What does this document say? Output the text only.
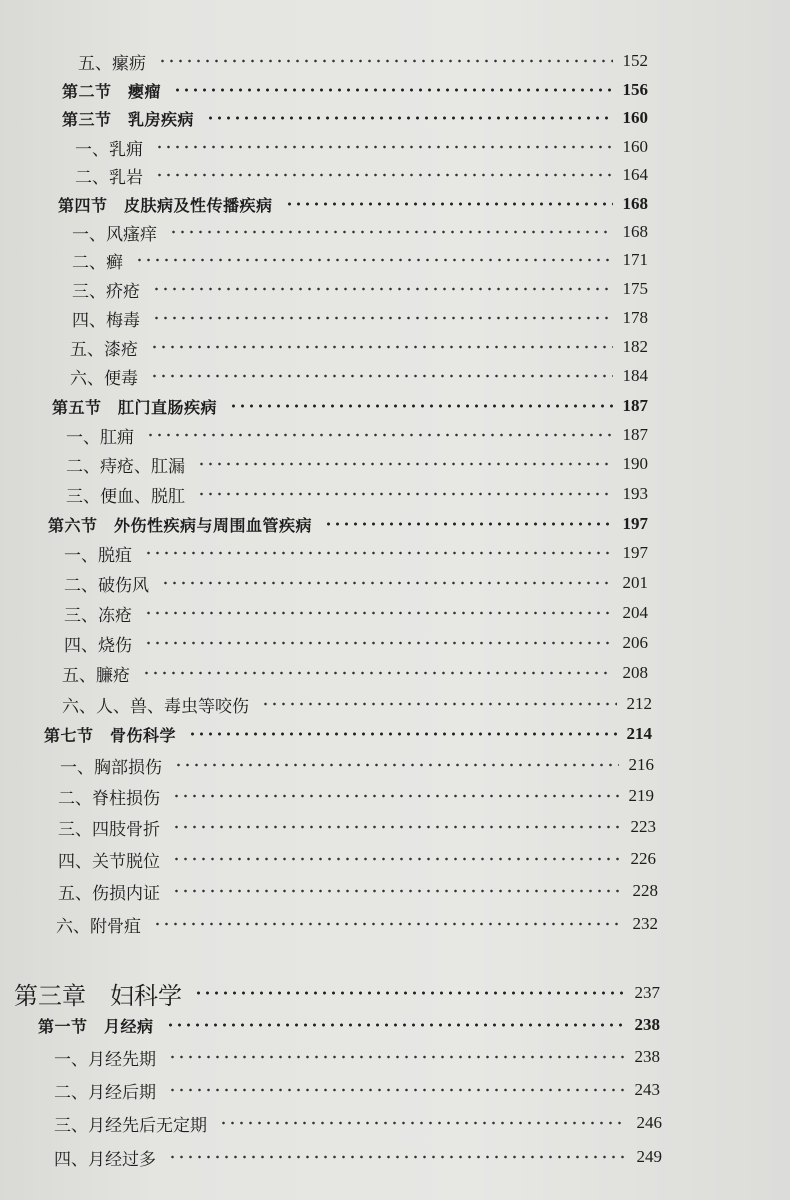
五、瘰疬	152
第二节　瘿瘤	156
第三节　乳房疾病	160
一、乳痈	160
二、乳岩	164
第四节　皮肤病及性传播疾病	168
一、风瘙痒	168
二、癣	171
三、疥疮	175
四、梅毒	178
五、漆疮	182
六、便毒	184
第五节　肛门直肠疾病	187
一、肛痈	187
二、痔疮、肛漏	190
三、便血、脱肛	193
第六节　外伤性疾病与周围血管疾病	197
一、脱疽	197
二、破伤风	201
三、冻疮	204
四、烧伤	206
五、臁疮	208
六、人、兽、毒虫等咬伤	212
第七节　骨伤科学	214
一、胸部损伤	216
二、脊柱损伤	219
三、四肢骨折	223
四、关节脱位	226
五、伤损内证	228
六、附骨疽	232
第三章　妇科学	237
第一节　月经病	238
一、月经先期	238
二、月经后期	243
三、月经先后无定期	246
四、月经过多	249
